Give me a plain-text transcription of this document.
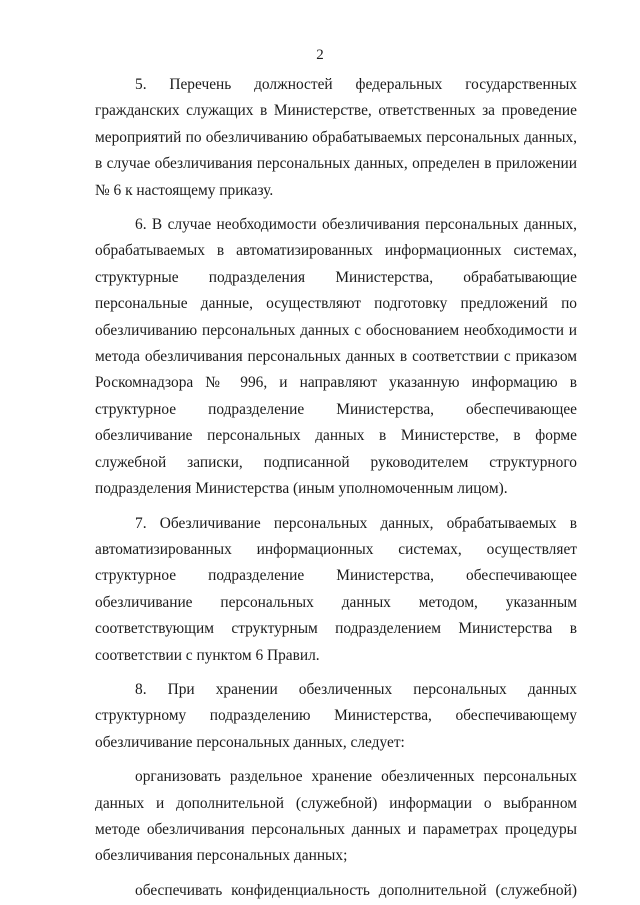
2

5. Перечень должностей федеральных государственных гражданских служащих в Министерстве, ответственных за проведение мероприятий по обезличиванию обрабатываемых персональных данных, в случае обезличивания персональных данных, определен в приложении № 6 к настоящему приказу.

6. В случае необходимости обезличивания персональных данных, обрабатываемых в автоматизированных информационных системах, структурные подразделения Министерства, обрабатывающие персональные данные, осуществляют подготовку предложений по обезличиванию персональных данных с обоснованием необходимости и метода обезличивания персональных данных в соответствии с приказом Роскомнадзора № 996, и направляют указанную информацию в структурное подразделение Министерства, обеспечивающее обезличивание персональных данных в Министерстве, в форме служебной записки, подписанной руководителем структурного подразделения Министерства (иным уполномоченным лицом).

7. Обезличивание персональных данных, обрабатываемых в автоматизированных информационных системах, осуществляет структурное подразделение Министерства, обеспечивающее обезличивание персональных данных методом, указанным соответствующим структурным подразделением Министерства в соответствии с пунктом 6 Правил.

8. При хранении обезличенных персональных данных структурному подразделению Министерства, обеспечивающему обезличивание персональных данных, следует:

организовать раздельное хранение обезличенных персональных данных и дополнительной (служебной) информации о выбранном методе обезличивания персональных данных и параметрах процедуры обезличивания персональных данных;

обеспечивать конфиденциальность дополнительной (служебной)
